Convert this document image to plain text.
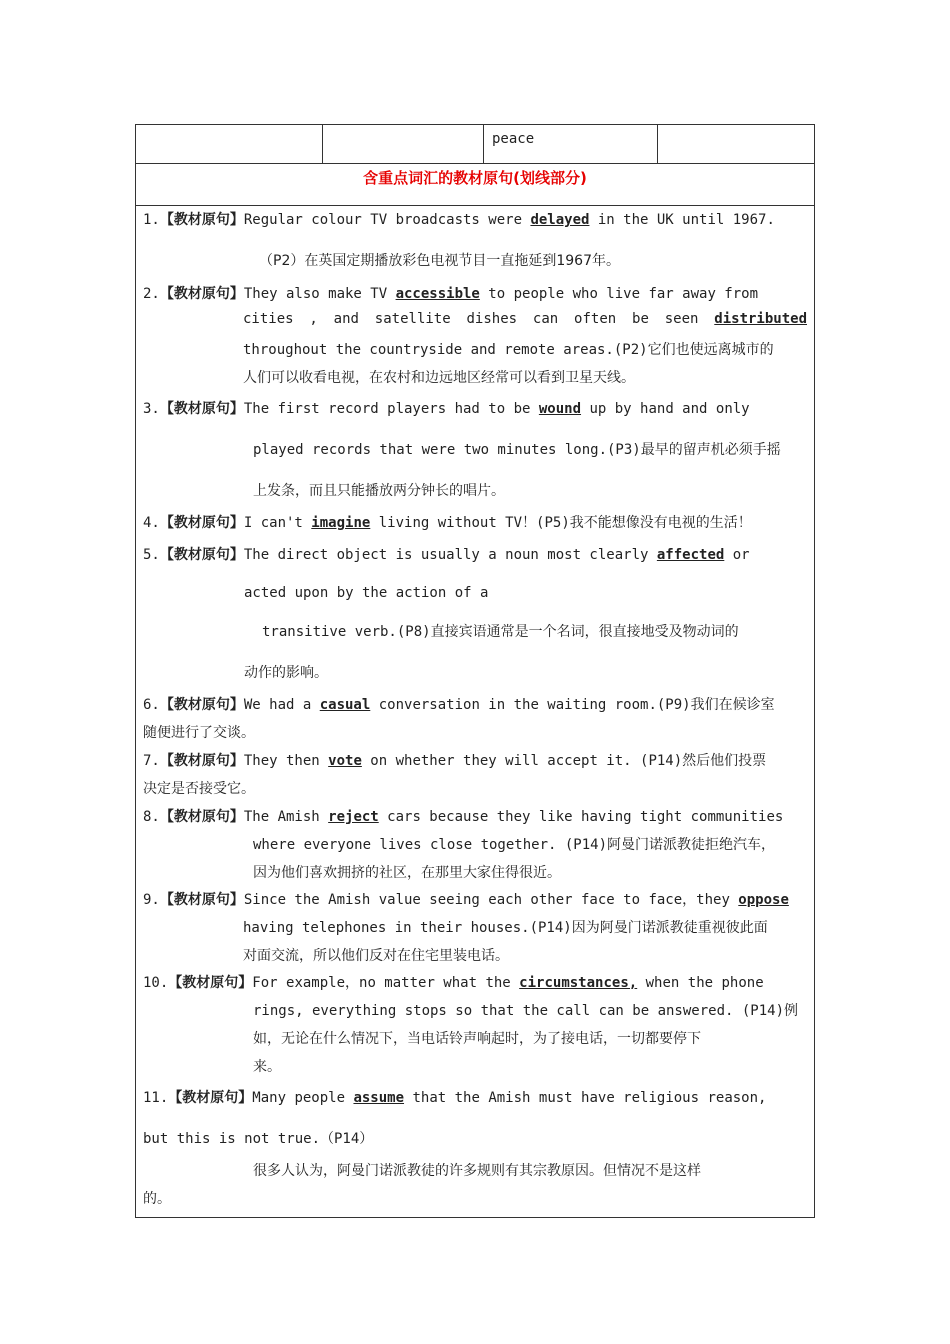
peace
含重点词汇的教材原句(划线部分)
1.【教材原句】Regular colour TV broadcasts were delayed in the UK until 1967.
（P2）在英国定期播放彩色电视节目一直拖延到1967年。
2.【教材原句】They also make TV accessible to people who live far away from
cities , and satellite dishes can often be seen distributed
throughout the countryside and remote areas.(P2)它们也使远离城市的
人们可以收看电视，在农村和边远地区经常可以看到卫星天线。
3.【教材原句】The first record players had to be wound up by hand and only
played records that were two minutes long.(P3)最早的留声机必须手摇
上发条，而且只能播放两分钟长的唱片。
4.【教材原句】I can't imagine living without TV！(P5)我不能想像没有电视的生活！
5.【教材原句】The direct object is usually a noun most clearly affected or
acted upon by the action of a
transitive verb.(P8)直接宾语通常是一个名词，很直接地受及物动词的
动作的影响。
6.【教材原句】We had a casual conversation in the waiting room.(P9)我们在候诊室
随便进行了交谈。
7.【教材原句】They then vote on whether they will accept it. (P14)然后他们投票
决定是否接受它。
8.【教材原句】The Amish reject cars because they like having tight communities
where everyone lives close together. (P14)阿曼门诺派教徒拒绝汽车，
因为他们喜欢拥挤的社区，在那里大家住得很近。
9.【教材原句】Since the Amish value seeing each other face to face，they oppose
having telephones in their houses.(P14)因为阿曼门诺派教徒重视彼此面
对面交流，所以他们反对在住宅里装电话。
10.【教材原句】For example，no matter what the circumstances, when the phone
rings, everything stops so that the call can be answered. (P14)例
如，无论在什么情况下，当电话铃声响起时，为了接电话，一切都要停下
来。
11.【教材原句】Many people assume that the Amish must have religious reason,
but this is not true.（P14）
很多人认为，阿曼门诺派教徒的许多规则有其宗教原因。但情况不是这样
的。
